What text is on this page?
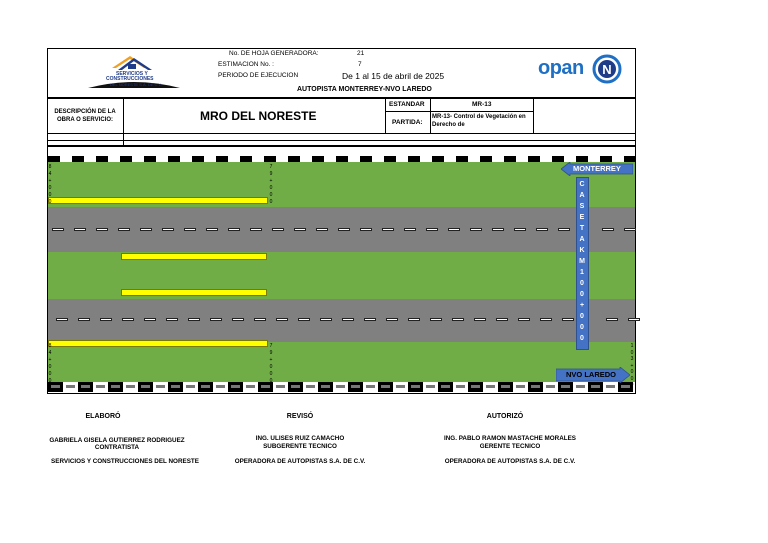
SERVICIOS Y
CONSTRUCCIONES
DEL NORESTE S.A. DE C.V.
No. DE HOJA GENERADORA:	21
ESTIMACION No. :	7
PERIODO DE EJECUCION	De 1 al 15 de abril de 2025
AUTOPISTA MONTERREY-NVO LAREDO
opan N
DESCRIPCIÓN DE LA OBRA O SERVICIO:	MRO DEL NORESTE
ESTANDAR	MR-13
PARTIDA:
MR-13- Control de Vegetación en Derecho de
8
4
+
0
0
0
8
4
+
0
0
0
7
9
+
0
0
0
7
9
+
0
0
0
1
0
3
+
0
0
0
C
A
S
E
T
A
K
M
1
0
0
+
0
0
0
MONTERREY
NVO LAREDO
ELABORÓ
GABRIELA GISELA GUTIERREZ RODRIGUEZ
CONTRATISTA
SERVICIOS Y CONSTRUCCIONES DEL NORESTE
REVISÓ
ING. ULISES RUIZ CAMACHO
SUBGERENTE TECNICO
OPERADORA DE AUTOPISTAS S.A. DE C.V.
AUTORIZÓ
ING. PABLO RAMON MASTACHE MORALES
GERENTE TECNICO
OPERADORA DE AUTOPISTAS S.A. DE C.V.
